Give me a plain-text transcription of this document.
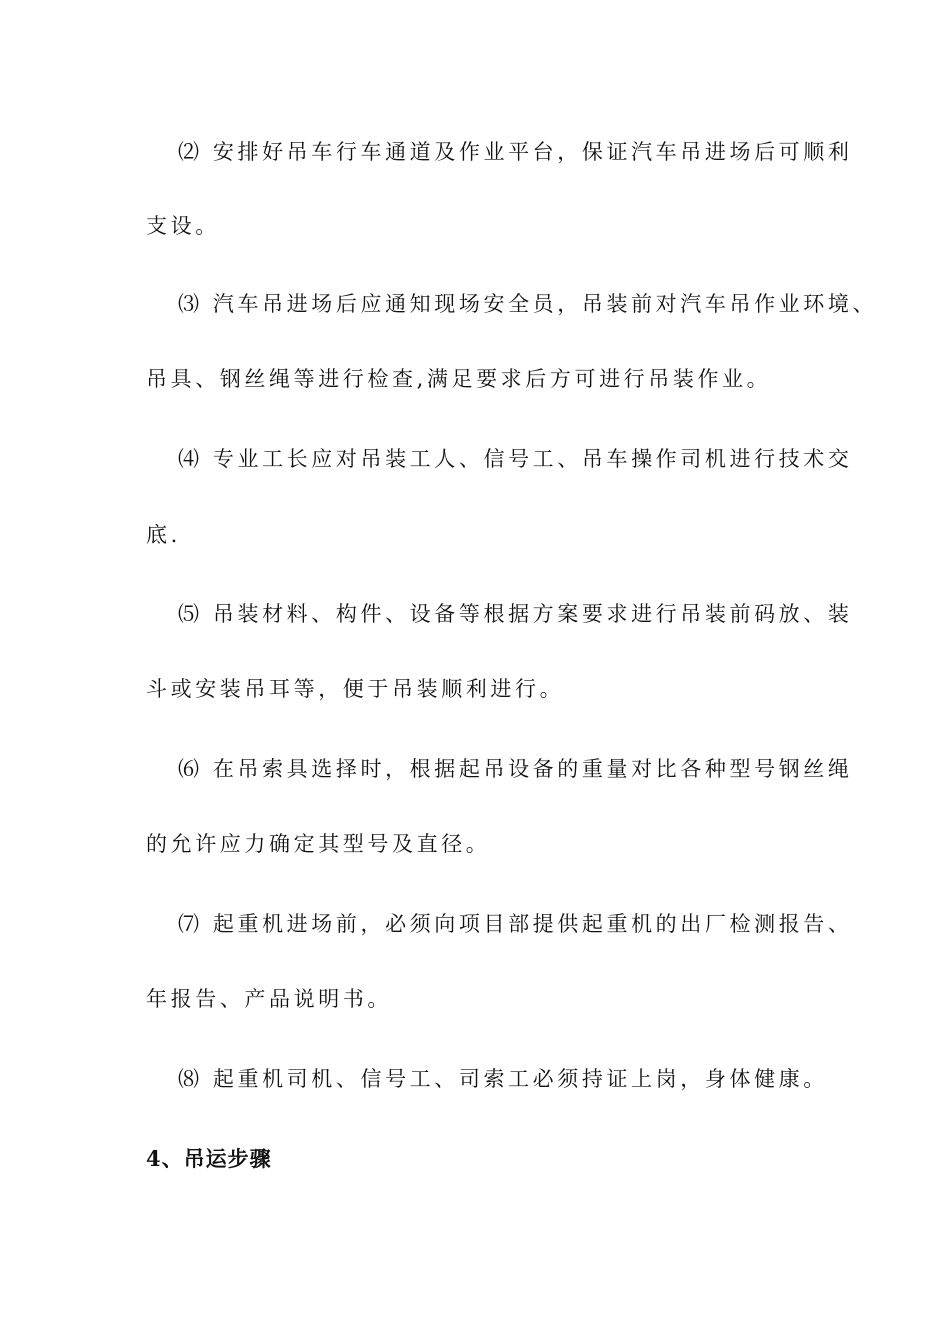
⑵ 安排好吊车行车通道及作业平台，保证汽车吊进场后可顺利
支设。
⑶ 汽车吊进场后应通知现场安全员，吊装前对汽车吊作业环境、
吊具、钢丝绳等进行检查,满足要求后方可进行吊装作业。
⑷ 专业工长应对吊装工人、信号工、吊车操作司机进行技术交
底.
⑸ 吊装材料、构件、设备等根据方案要求进行吊装前码放、装
斗或安装吊耳等，便于吊装顺利进行。
⑹ 在吊索具选择时，根据起吊设备的重量对比各种型号钢丝绳
的允许应力确定其型号及直径。
⑺ 起重机进场前，必须向项目部提供起重机的出厂检测报告、
年报告、产品说明书。
⑻ 起重机司机、信号工、司索工必须持证上岗，身体健康。
4、吊运步骤
